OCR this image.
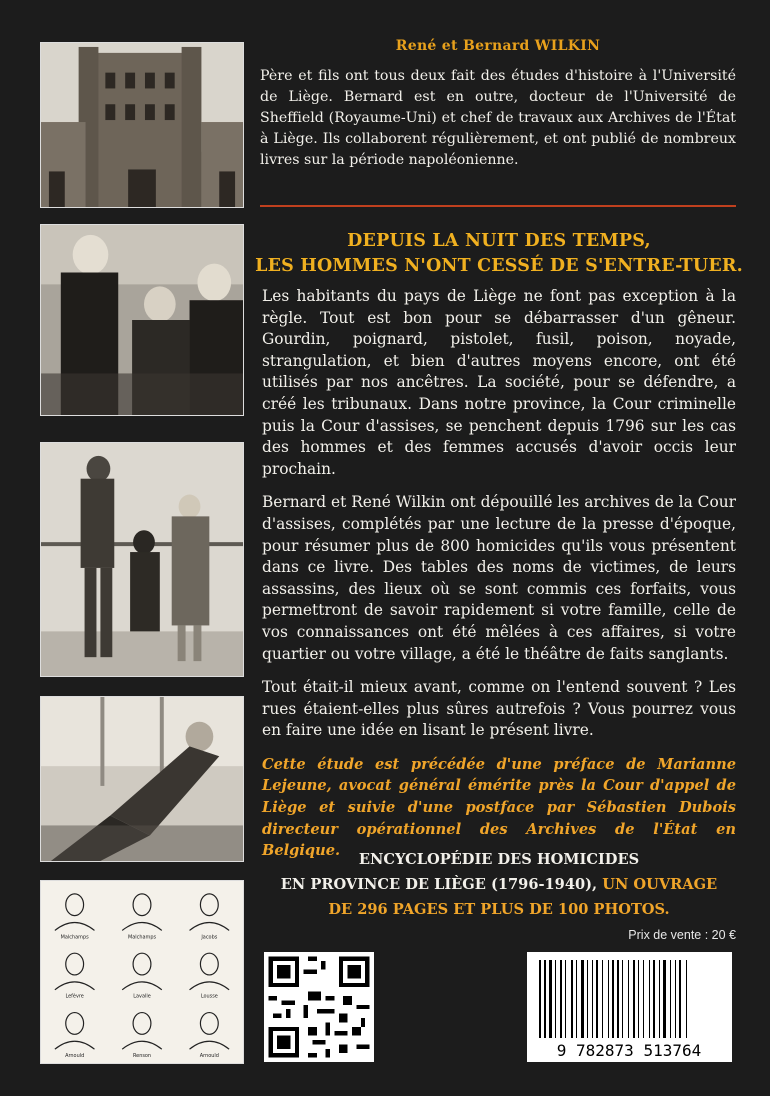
Malchamps	Malchamps	Jacobs
Lefèvre	Lavalle	Lousse
Arnould	Renson	Arnould
René et Bernard WILKIN
Père et fils ont tous deux fait des études d'histoire à l'Université de Liège. Bernard est en outre, docteur de l'Université de Sheffield (Royaume-Uni) et chef de travaux aux Archives de l'État à Liège. Ils collaborent régulièrement, et ont publié de nombreux livres sur la période napoléonienne.
DEPUIS LA NUIT DES TEMPS,
LES HOMMES N'ONT CESSÉ DE S'ENTRE-TUER.

Les habitants du pays de Liège ne font pas exception à la règle. Tout est bon pour se débarrasser d'un gêneur. Gourdin, poignard, pistolet, fusil, poison, noyade, strangulation, et bien d'autres moyens encore, ont été utilisés par nos ancêtres. La société, pour se défendre, a créé les tribunaux. Dans notre province, la Cour criminelle puis la Cour d'assises, se penchent depuis 1796 sur les cas des hommes et des femmes accusés d'avoir occis leur prochain.

Bernard et René Wilkin ont dépouillé les archives de la Cour d'assises, complétés par une lecture de la presse d'époque, pour résumer plus de 800 homicides qu'ils vous présentent dans ce livre. Des tables des noms de victimes, de leurs assassins, des lieux où se sont commis ces forfaits, vous permettront de savoir rapidement si votre famille, celle de vos connaissances ont été mêlées à ces affaires, si votre quartier ou votre village, a été le théâtre de faits sanglants.

Tout était-il mieux avant, comme on l'entend souvent ? Les rues étaient-elles plus sûres autrefois ? Vous pourrez vous en faire une idée en lisant le présent livre.

Cette étude est précédée d'une préface de Marianne Lejeune, avocat général émérite près la Cour d'appel de Liège et suivie d'une postface par Sébastien Dubois directeur opérationnel des Archives de l'État en Belgique.

ENCYCLOPÉDIE DES HOMICIDES
EN PROVINCE DE LIÈGE (1796-1940), UN OUVRAGE
DE 296 PAGES ET PLUS DE 100 PHOTOS.
Prix de vente : 20 €
9 782873 513764
